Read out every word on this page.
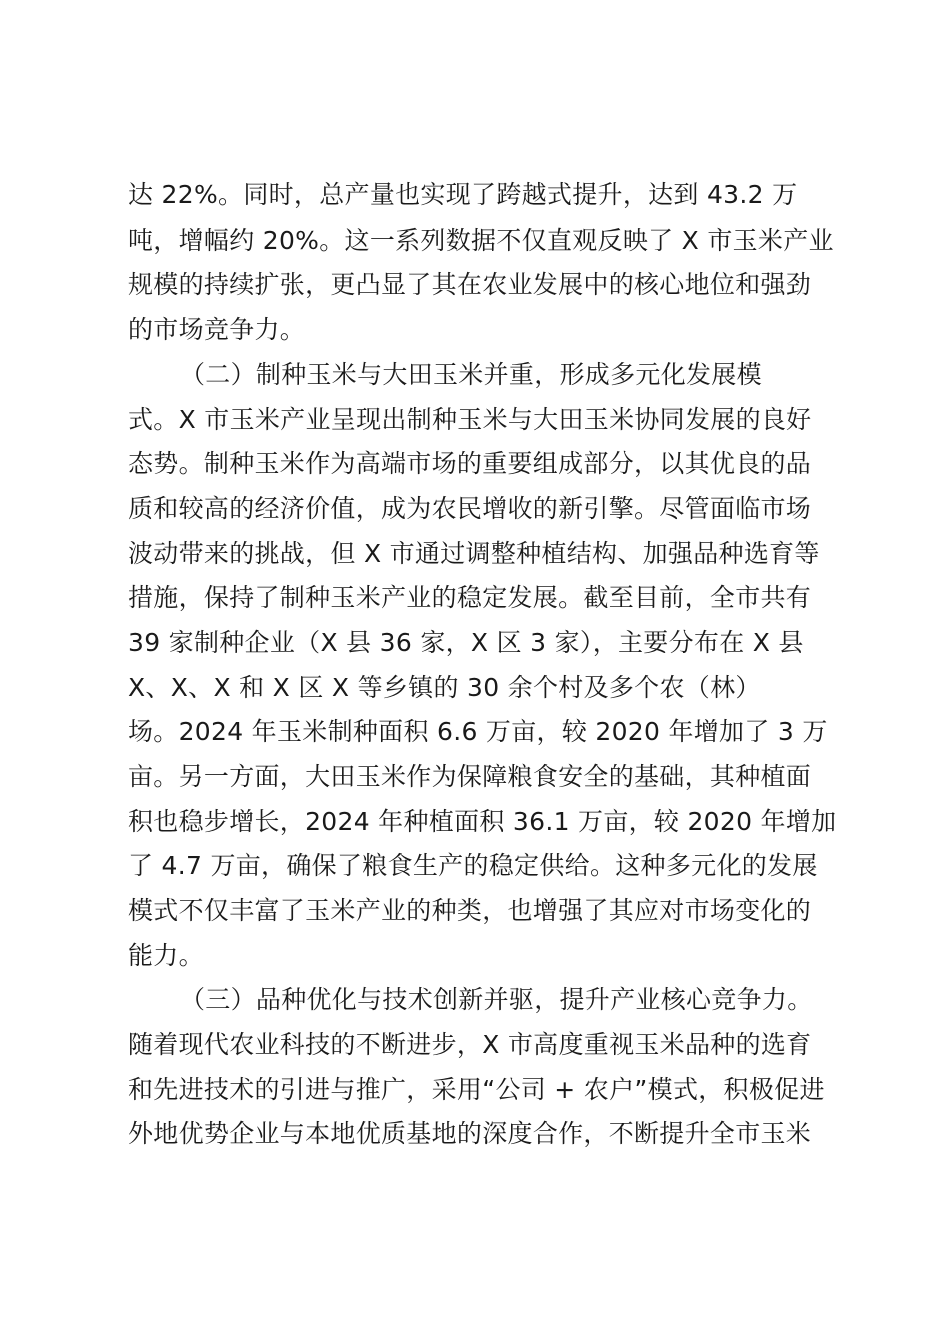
达 22%。同时，总产量也实现了跨越式提升，达到 43.2 万
吨，增幅约 20%。这一系列数据不仅直观反映了 X 市玉米产业
规模的持续扩张，更凸显了其在农业发展中的核心地位和强劲
的市场竞争力。
（二）制种玉米与大田玉米并重，形成多元化发展模
式。X 市玉米产业呈现出制种玉米与大田玉米协同发展的良好
态势。制种玉米作为高端市场的重要组成部分，以其优良的品
质和较高的经济价值，成为农民增收的新引擎。尽管面临市场
波动带来的挑战，但 X 市通过调整种植结构、加强品种选育等
措施，保持了制种玉米产业的稳定发展。截至目前，全市共有
39 家制种企业（X 县 36 家，X 区 3 家），主要分布在 X 县
X、X、X 和 X 区 X 等乡镇的 30 余个村及多个农（林）
场。2024 年玉米制种面积 6.6 万亩，较 2020 年增加了 3 万
亩。另一方面，大田玉米作为保障粮食安全的基础，其种植面
积也稳步增长，2024 年种植面积 36.1 万亩，较 2020 年增加
了 4.7 万亩，确保了粮食生产的稳定供给。这种多元化的发展
模式不仅丰富了玉米产业的种类，也增强了其应对市场变化的
能力。
（三）品种优化与技术创新并驱，提升产业核心竞争力。
随着现代农业科技的不断进步，X 市高度重视玉米品种的选育
和先进技术的引进与推广，采用“公司 + 农户”模式，积极促进
外地优势企业与本地优质基地的深度合作，不断提升全市玉米
